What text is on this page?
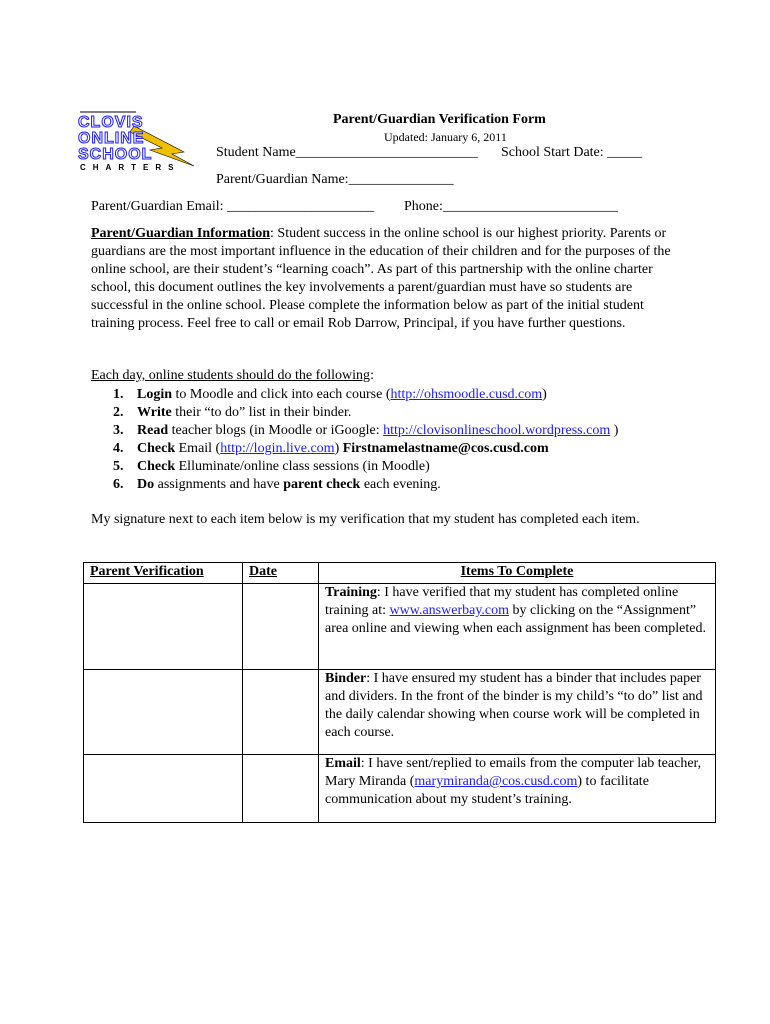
CLOVIS
ONLINE
SCHOOL
CHARTERS
Parent/Guardian Verification Form
Updated: January 6, 2011
Student Name__________________________ School Start Date: _____
Parent/Guardian Name:_______________
Parent/Guardian Email: _____________________ Phone:_________________________
Parent/Guardian Information: Student success in the online school is our highest priority. Parents or guardians are the most important influence in the education of their children and for the purposes of the online school, are their student’s “learning coach”. As part of this partnership with the online charter school, this document outlines the key involvements a parent/guardian must have so students are successful in the online school. Please complete the information below as part of the initial student training process. Feel free to call or email Rob Darrow, Principal, if you have further questions.
Each day, online students should do the following:
1. Login to Moodle and click into each course (http://ohsmoodle.cusd.com)
2. Write their “to do” list in their binder.
3. Read teacher blogs (in Moodle or iGoogle: http://clovisonlineschool.wordpress.com )
4. Check Email (http://login.live.com) Firstnamelastname@cos.cusd.com
5. Check Elluminate/online class sessions (in Moodle)
6. Do assignments and have parent check each evening.
My signature next to each item below is my verification that my student has completed each item.
Parent Verification	Date	Items To Complete
		Training: I have verified that my student has completed online training at: www.answerbay.com by clicking on the “Assignment” area online and viewing when each assignment has been completed.
		Binder: I have ensured my student has a binder that includes paper and dividers. In the front of the binder is my child’s “to do” list and the daily calendar showing when course work will be completed in each course.
		Email: I have sent/replied to emails from the computer lab teacher, Mary Miranda (marymiranda@cos.cusd.com) to facilitate communication about my student’s training.
